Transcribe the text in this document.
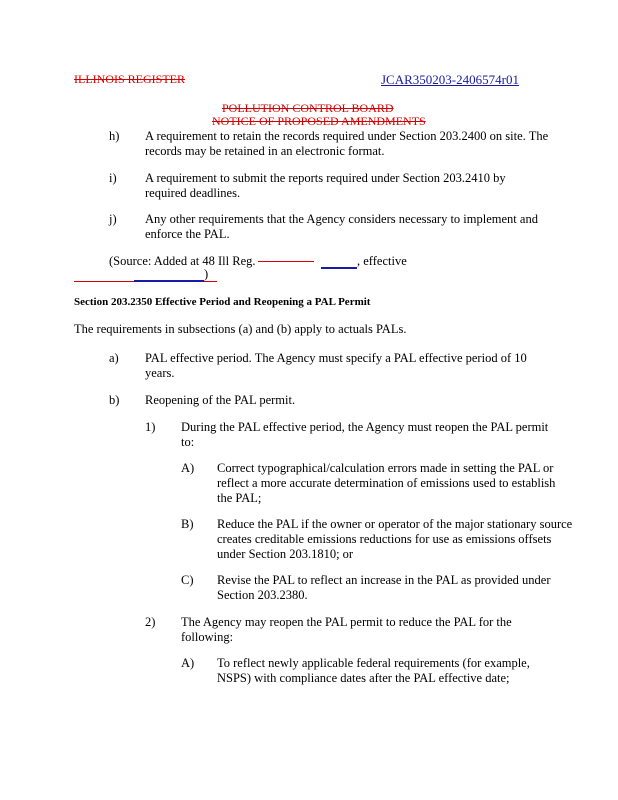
ILLINOIS REGISTER	JCAR350203-2406574r01
POLLUTION CONTROL BOARD
NOTICE OF PROPOSED AMENDMENTS
h) A requirement to retain the records required under Section 203.2400 on site. The records may be retained in an electronic format.
i) A requirement to submit the reports required under Section 203.2410 by required deadlines.
j) Any other requirements that the Agency considers necessary to implement and enforce the PAL.
(Source: Added at 48 Ill Reg.	, effective
)
Section 203.2350 Effective Period and Reopening a PAL Permit
The requirements in subsections (a) and (b) apply to actuals PALs.
a) PAL effective period. The Agency must specify a PAL effective period of 10 years.
b) Reopening of the PAL permit.
1) During the PAL effective period, the Agency must reopen the PAL permit to:
A) Correct typographical/calculation errors made in setting the PAL or reflect a more accurate determination of emissions used to establish the PAL;
B) Reduce the PAL if the owner or operator of the major stationary source creates creditable emissions reductions for use as emissions offsets under Section 203.1810; or
C) Revise the PAL to reflect an increase in the PAL as provided under Section 203.2380.
2) The Agency may reopen the PAL permit to reduce the PAL for the following:
A) To reflect newly applicable federal requirements (for example, NSPS) with compliance dates after the PAL effective date;
